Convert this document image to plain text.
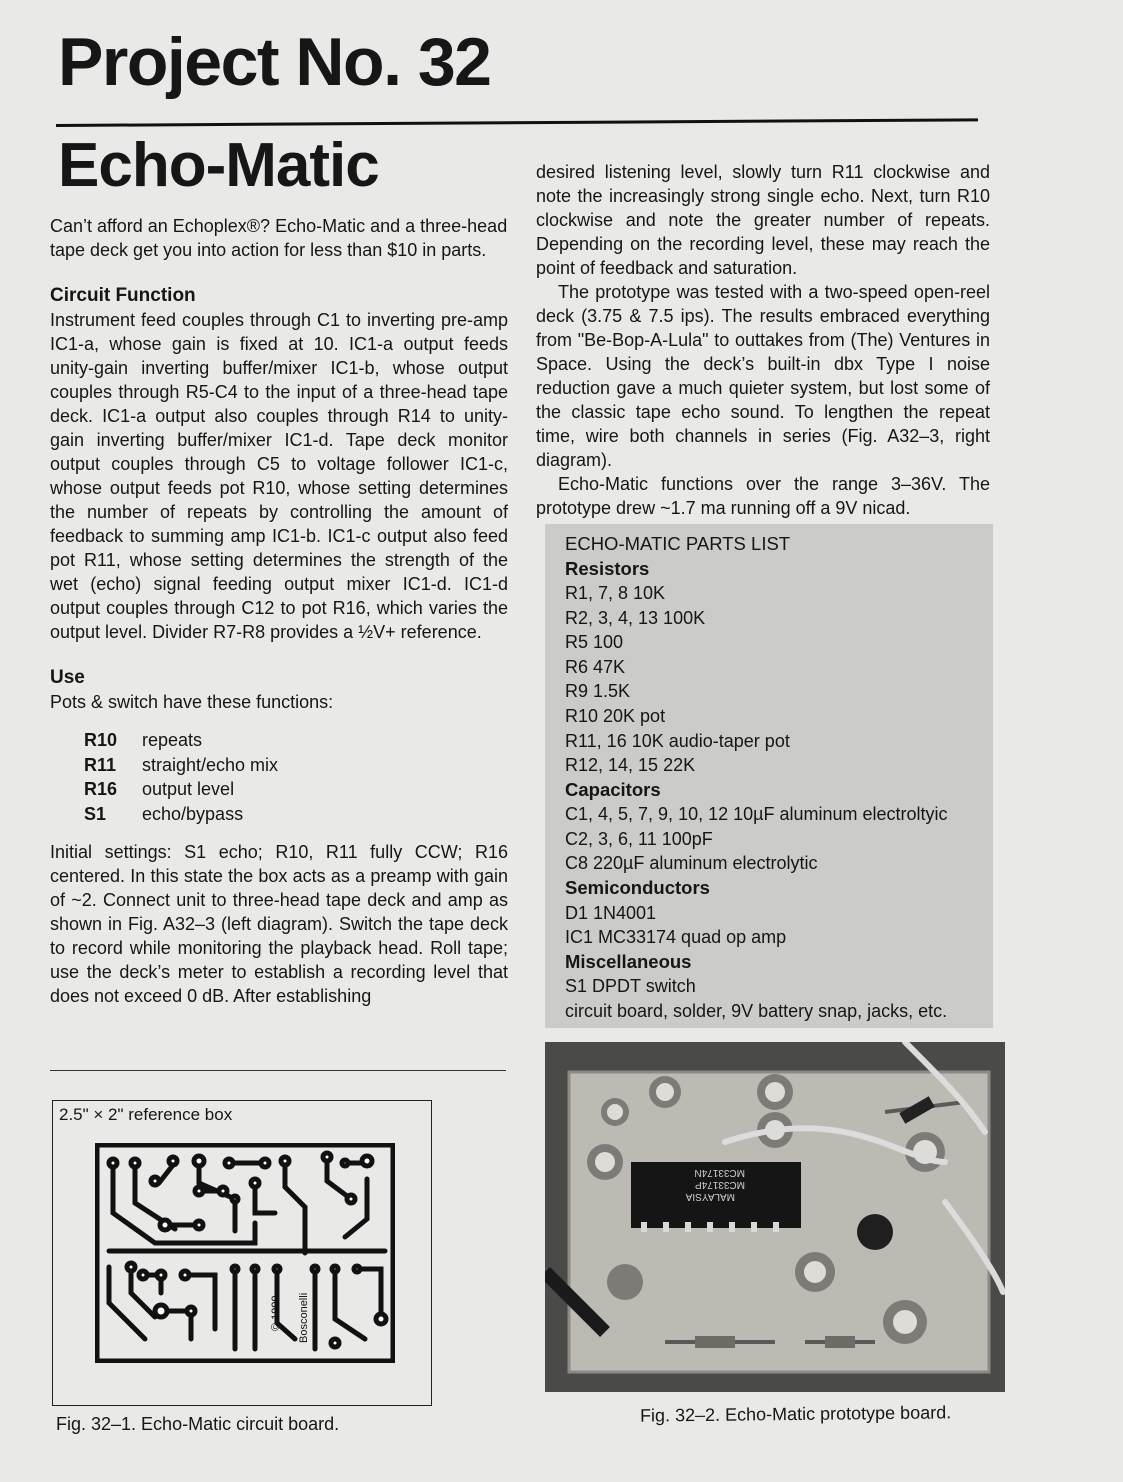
Project No. 32
Echo-Matic

Can’t afford an Echoplex®? Echo-Matic and a three-head tape deck get you into action for less than $10 in parts.

Circuit Function

Instrument feed couples through C1 to inverting pre-amp IC1-a, whose gain is fixed at 10. IC1-a output feeds unity-gain inverting buffer/mixer IC1-b, whose output couples through R5-C4 to the input of a three-head tape deck. IC1-a output also couples through R14 to unity-gain inverting buffer/mixer IC1-d. Tape deck monitor output couples through C5 to voltage follower IC1-c, whose output feeds pot R10, whose setting determines the number of repeats by controlling the amount of feedback to summing amp IC1-b. IC1-c output also feed pot R11, whose setting determines the strength of the wet (echo) signal feeding output mixer IC1-d. IC1-d output couples through C12 to pot R16, which varies the output level. Divider R7-R8 provides a ½V+ reference.

Use

Pots & switch have these functions:

R10	repeats
R11	straight/echo mix
R16	output level
S1	echo/bypass

Initial settings: S1 echo; R10, R11 fully CCW; R16 centered. In this state the box acts as a preamp with gain of ~2. Connect unit to three-head tape deck and amp as shown in Fig. A32–3 (left diagram). Switch the tape deck to record while monitoring the playback head. Roll tape; use the deck’s meter to establish a recording level that does not exceed 0 dB. After establishing

desired listening level, slowly turn R11 clockwise and note the increasingly strong single echo. Next, turn R10 clockwise and note the greater number of repeats. Depending on the recording level, these may reach the point of feedback and saturation.

The prototype was tested with a two-speed open-reel deck (3.75 & 7.5 ips). The results embraced everything from "Be-Bop-A-Lula" to outtakes from (The) Ventures in Space. Using the deck’s built-in dbx Type I noise reduction gave a much quieter system, but lost some of the classic tape echo sound. To lengthen the repeat time, wire both channels in series (Fig. A32–3, right diagram).

Echo-Matic functions over the range 3–36V. The prototype drew ~1.7 ma running off a 9V nicad.

ECHO-MATIC PARTS LIST

Resistors

R1, 7, 8 10K

R2, 3, 4, 13 100K

R5 100

R6 47K

R9 1.5K

R10 20K pot

R11, 16 10K audio-taper pot

R12, 14, 15 22K

Capacitors

C1, 4, 5, 7, 9, 10, 12 10µF aluminum electroltyic

C2, 3, 6, 11 100pF

C8 220µF aluminum electrolytic

Semiconductors

D1 1N4001

IC1 MC33174 quad op amp

Miscellaneous

S1 DPDT switch

circuit board, solder, 9V battery snap, jacks, etc.

2.5" × 2" reference box

© 1999 Bosconelli

Fig. 32–1. Echo-Matic circuit board.

MALAYSIA
MC33174P
MC33174N

Fig. 32–2. Echo-Matic prototype board.
